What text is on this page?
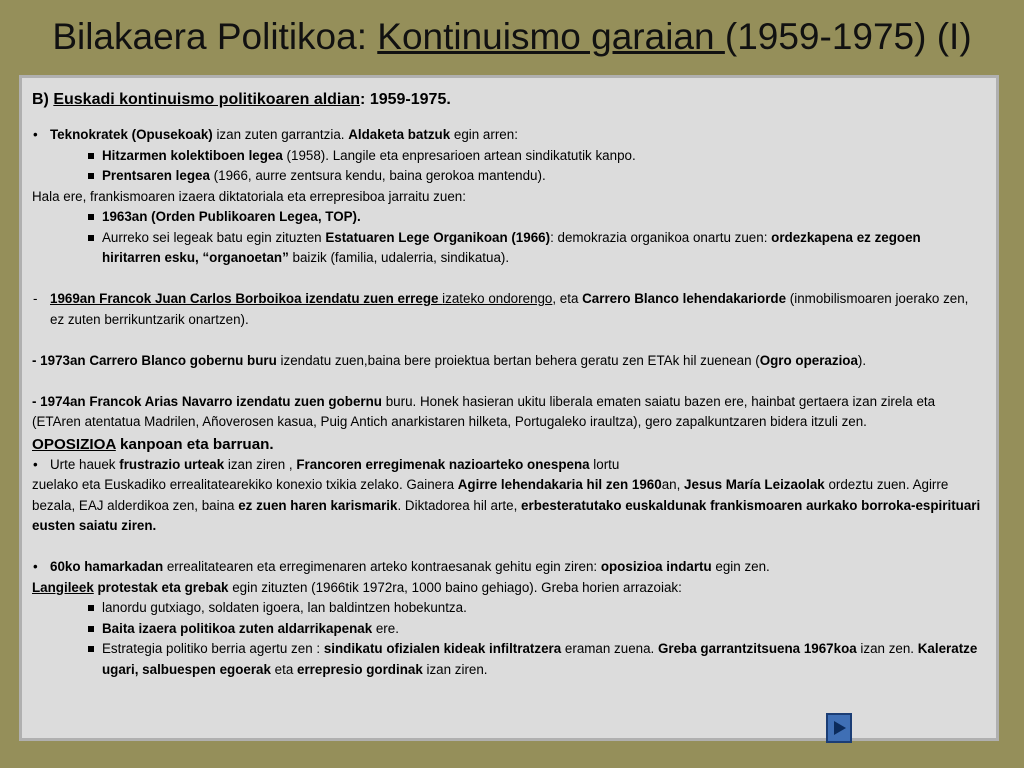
Bilakaera Politikoa: Kontinuismo garaian (1959-1975) (I)
B) Euskadi kontinuismo politikoaren aldian: 1959-1975.
• Teknokratek (Opusekoak) izan zuten garrantzia. Aldaketa batzuk egin arren:
Hitzarmen kolektiboen legea (1958). Langile eta enpresarioen artean sindikatutik kanpo.
Prentsaren legea (1966, aurre zentsura kendu, baina gerokoa mantendu).
Hala ere, frankismoaren izaera diktatoriala eta errepresiboa jarraitu zuen:
1963an (Orden Publikoaren Legea, TOP).
Aurreko sei legeak batu egin zituzten Estatuaren Lege Organikoan (1966): demokrazia organikoa onartu zuen: ordezkapena ez zegoen hiritarren esku, “organoetan” baizik (familia, udalerria, sindikatua).
- 1969an Francok Juan Carlos Borboikoa izendatu zuen errege izateko ondorengo, eta Carrero Blanco lehendakariorde (inmobilismoaren joerako zen, ez zuten berrikuntzarik onartzen).
- 1973an Carrero Blanco gobernu buru izendatu zuen,baina bere proiektua bertan behera geratu zen ETAk hil zuenean (Ogro operazioa).
- 1974an Francok Arias Navarro izendatu zuen gobernu buru. Honek hasieran ukitu liberala ematen saiatu bazen ere, hainbat gertaera izan zirela eta (ETAren atentatua Madrilen, Añoverosen kasua, Puig Antich anarkistaren hilketa, Portugaleko iraultza), gero zapalkuntzaren bidera itzuli zen.
OPOSIZIOA kanpoan eta barruan.
• Urte hauek frustrazio urteak izan ziren , Francoren erregimenak nazioarteko onespena lortu
zuelako eta Euskadiko errealitatearekiko konexio txikia zelako. Gainera Agirre lehendakaria hil zen 1960an, Jesus María Leizaolak ordeztu zuen. Agirre bezala, EAJ alderdikoa zen, baina ez zuen haren karismarik. Diktadorea hil arte, erbesteratutako euskaldunak frankismoaren aurkako borroka-espirituari eusten saiatu ziren.
• 60ko hamarkadan errealitatearen eta erregimenaren arteko kontraesanak gehitu egin ziren: oposizioa indartu egin zen.
Langileek protestak eta grebak egin zituzten (1966tik 1972ra, 1000 baino gehiago). Greba horien arrazoiak:
lanordu gutxiago, soldaten igoera, lan baldintzen hobekuntza.
Baita izaera politikoa zuten aldarrikapenak ere.
Estrategia politiko berria agertu zen : sindikatu ofizialen kideak infiltratzera eraman zuena. Greba garrantzitsuena 1967koa izan zen. Kaleratze ugari, salbuespen egoerak eta errepresio gordinak izan ziren.
